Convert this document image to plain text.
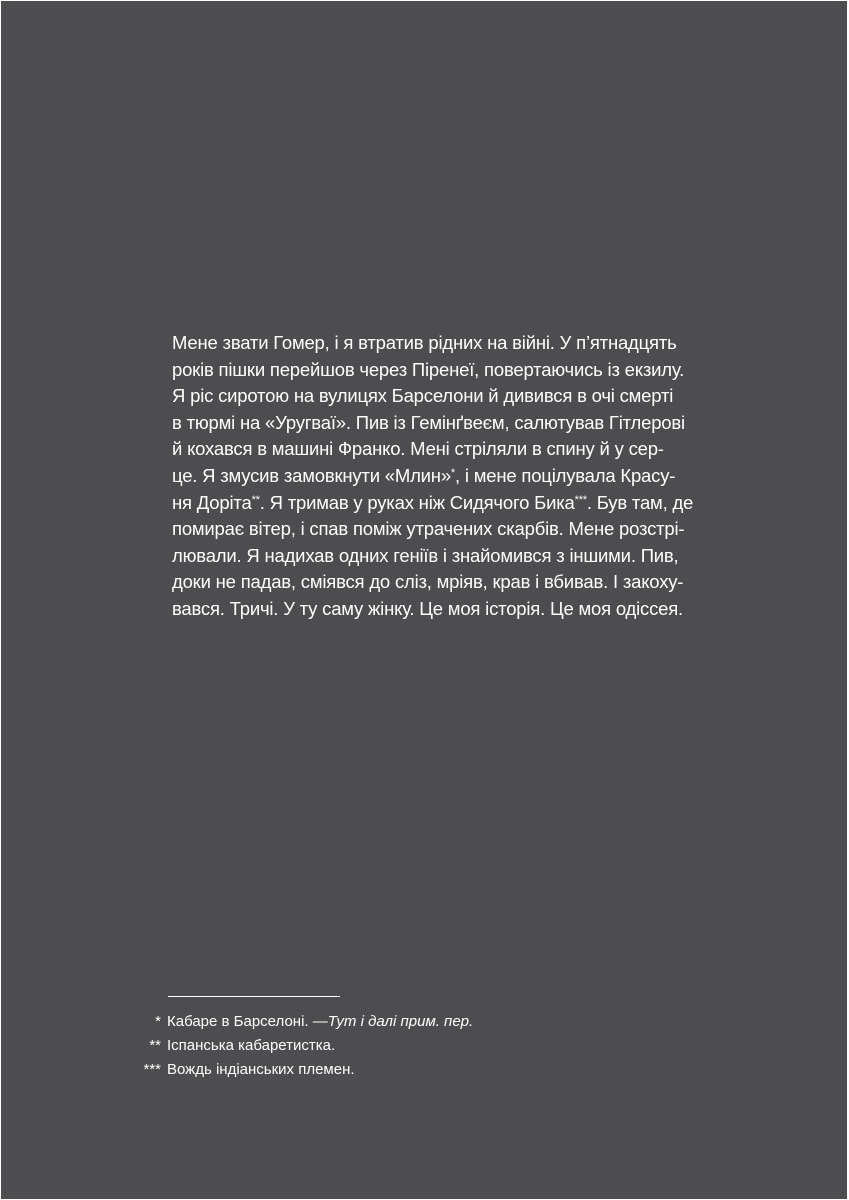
Мене звати Гомер, і я втратив рідних на війні. У п’ятнадцять
років пішки перейшов через Піренеї, повертаючись із екзилу.
Я ріс сиротою на вулицях Барселони й дивився в очі смерті
в тюрмі на «Уругваї». Пив із Гемінґвеєм, салютував Гітлерові
й кохався в машині Франко. Мені стріляли в спину й у сер-
це. Я змусив замовкнути «Млин»*, і мене поцілувала Красу-
ня Доріта**. Я тримав у руках ніж Сидячого Бика***. Був там, де
помирає вітер, і спав поміж утрачених скарбів. Мене розстрі-
лювали. Я надихав одних геніїв і знайомився з іншими. Пив,
доки не падав, сміявся до сліз, мріяв, крав і вбивав. І закоху-
вався. Тричі. У ту саму жінку. Це моя історія. Це моя одіссея.
* Кабаре в Барселоні. — Тут і далі прим. пер.
** Іспанська кабаретистка.
*** Вождь індіанських племен.
